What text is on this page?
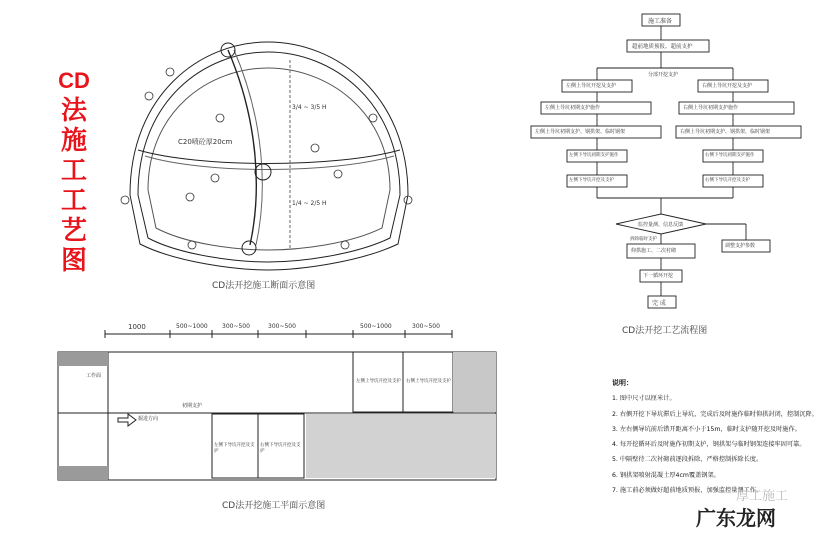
CD
法
施
工
工
艺
图
C20喷砼厚20cm
3/4 ~ 3/5 H
1/4 ~ 2/5 H
CD法开挖施工断面示意图
1000	500~1000 300~500	300~500	500~1000	300~500
工作面
掘进方向
初期支护
左侧上导坑开挖及支护 右侧上导坑开挖及支护
左侧下导坑开挖及支护
右侧下导坑开挖及支护
CD法开挖施工平面示意图
施工准备
超前地质预报、超前支护
分部开挖支护
左侧上导坑开挖及支护	右侧上导坑开挖及支护
左侧上导坑初期支护施作	右侧上导坑初期支护施作
左侧上导坑初期支护、钢拱架、临时钢架	右侧上导坑初期支护、钢拱架、临时钢架
左侧下导坑初期支护施作	右侧下导坑初期支护施作
左侧下导坑开挖及支护	右侧下导坑开挖及支护
监控量测、信息反馈
拆除临时支护
调整支护参数
仰拱施工、二次衬砌
下一循环开挖
完 成
CD法开挖工艺流程图
说明：
1. 图中尺寸以厘米计。
2. 右侧开挖下导坑滞后上导坑，完成后及时施作临时仰拱封闭，控制沉降。
3. 左右侧导坑前后错开距离不小于15m，临时支护随开挖及时施作。
4. 每开挖循环后及时施作初期支护，钢拱架与临时钢架连接牢固可靠。
5. 中隔壁待二次衬砌前逐段拆除，严格控制拆除长度。
6. 钢拱架喷射混凝土厚4cm覆盖钢架。
7. 施工前必须做好超前地质预报，加强监控量测工作。
厚工施工
广东龙网
